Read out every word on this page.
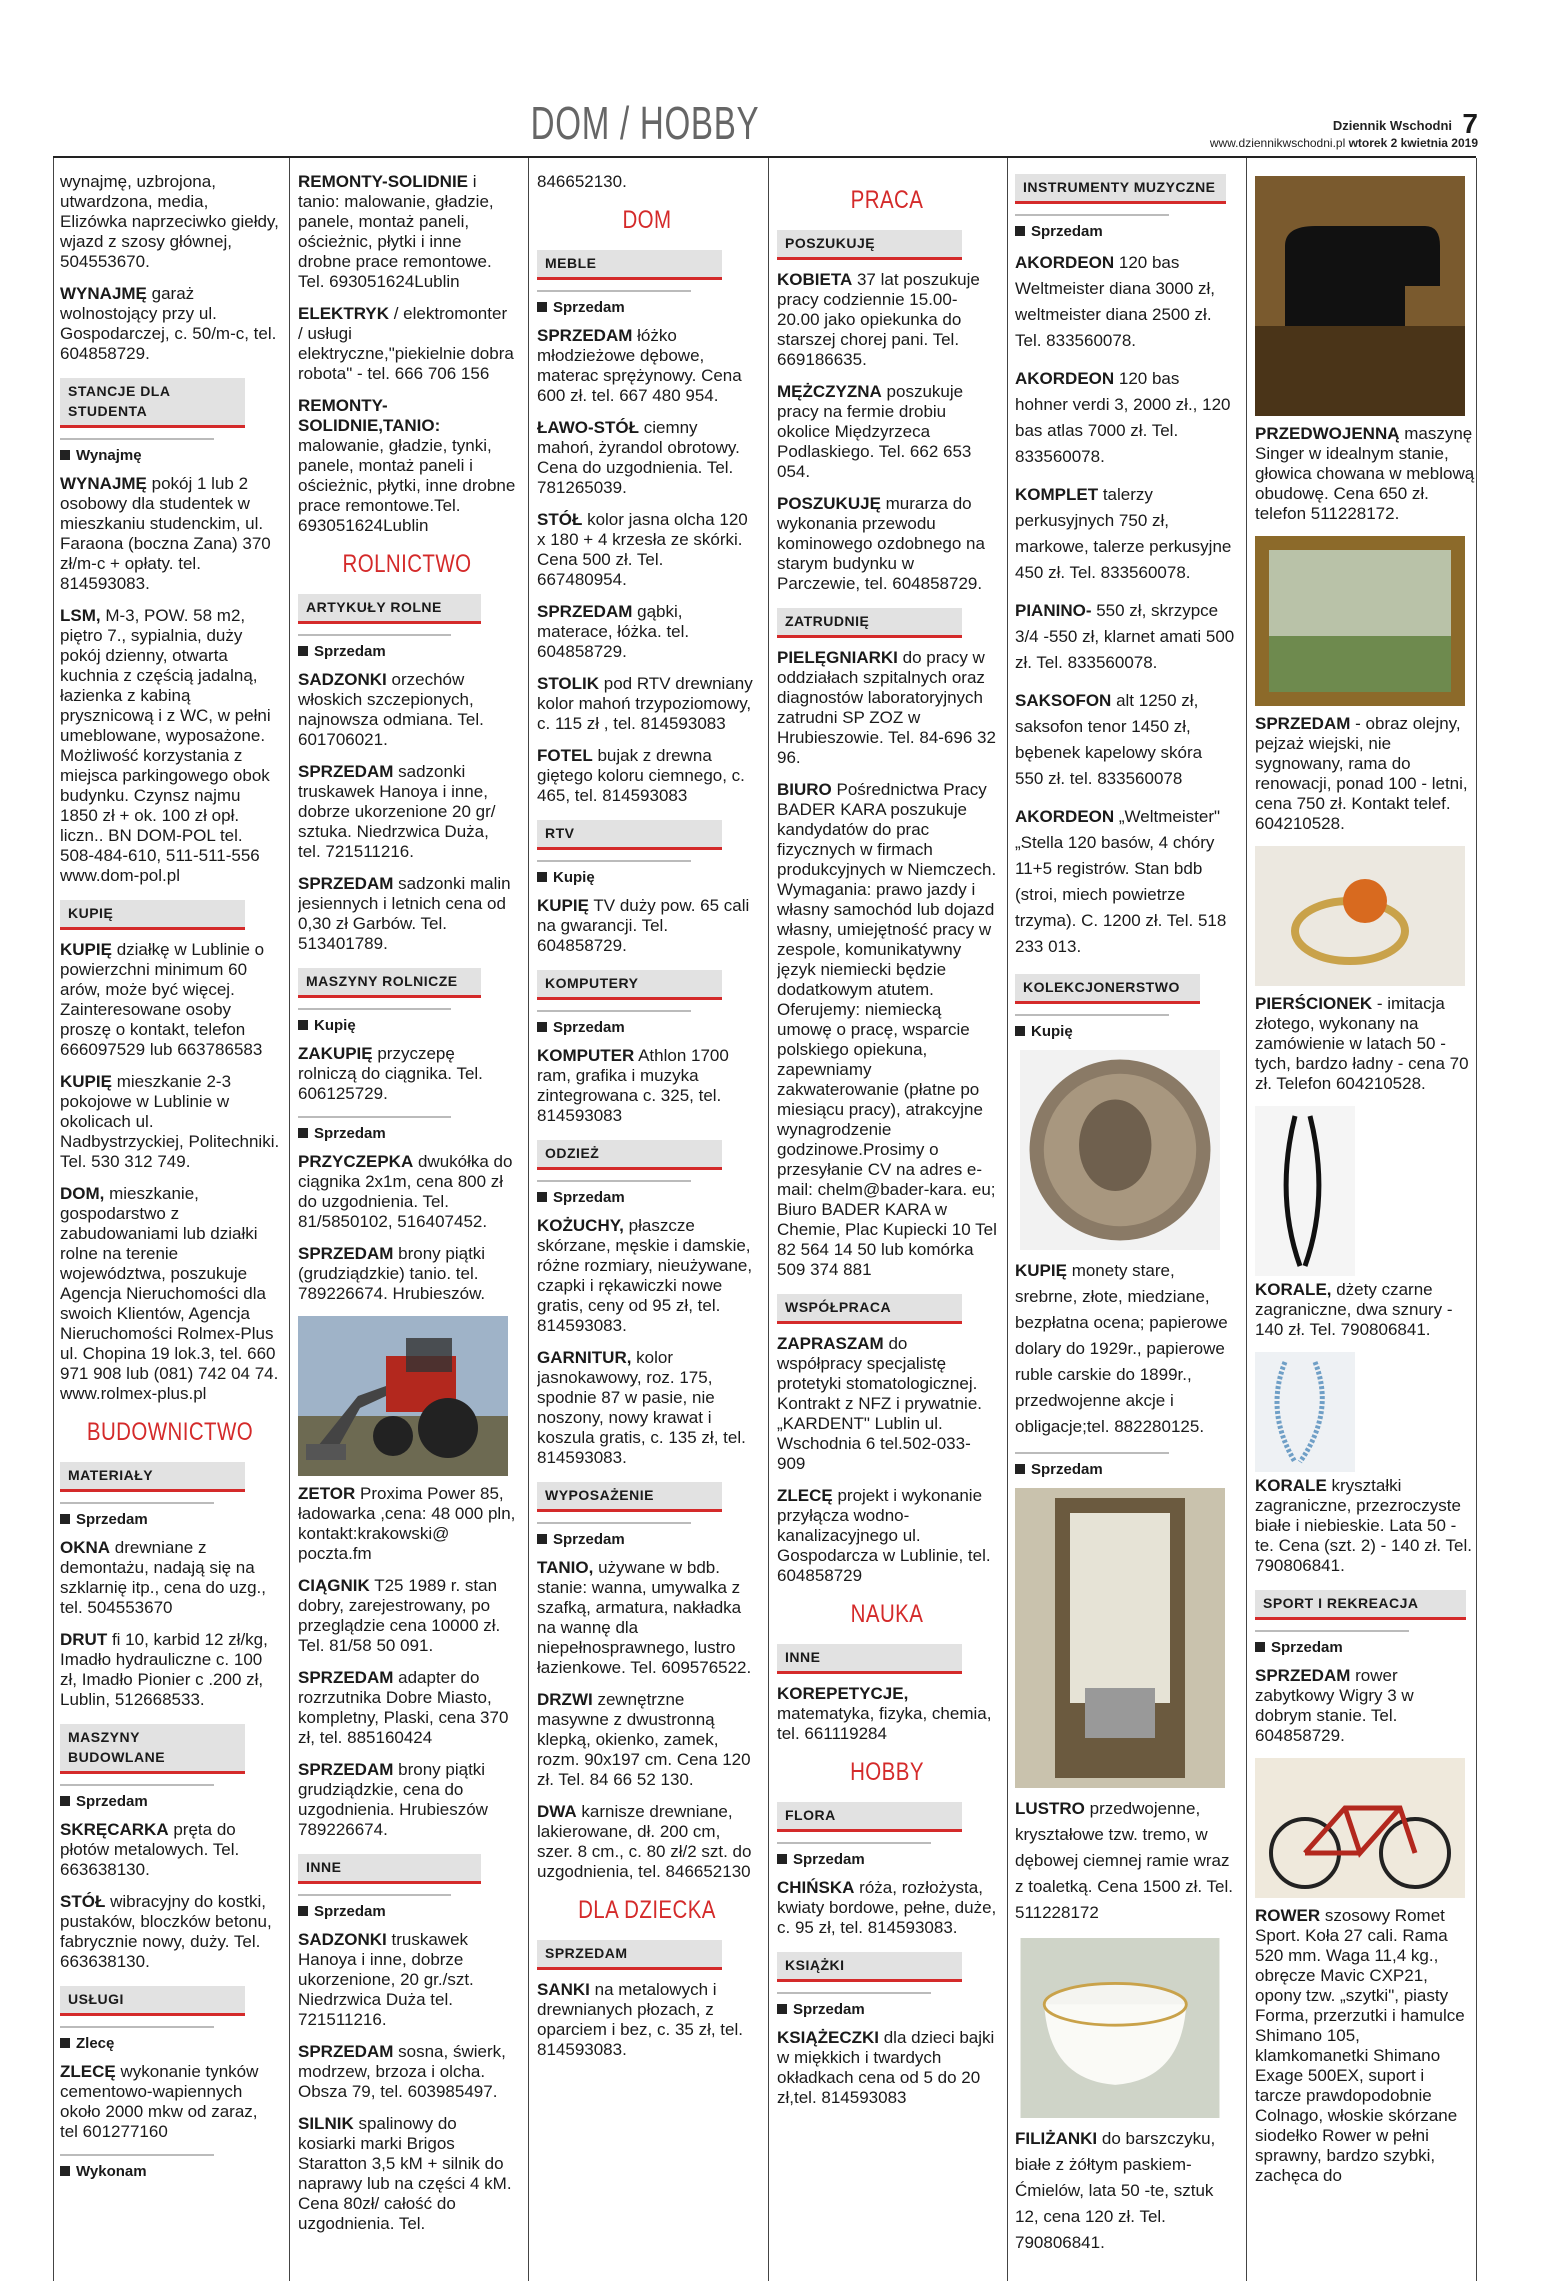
DOM / HOBBY	7
Dziennik Wschodni
www.dziennikwschodni.pl wtorek 2 kwietnia 2019

wynajmę, uzbrojona, utwardzona, media, Elizówka naprzeciwko giełdy, wjazd z szosy głównej, 504553670.

WYNAJMĘ garaż wolnostojący przy ul. Gospodarczej, c. 50/m-c, tel. 604858729.

STANCJE DLA STUDENTA
Wynajmę

WYNAJMĘ pokój 1 lub 2 osobowy dla studentek w mieszkaniu studenckim, ul. Faraona (boczna Zana) 370 zł/m-c + opłaty. tel. 814593083.

LSM, M-3, POW. 58 m2, piętro 7., sypialnia, duży pokój dzienny, otwarta kuchnia z częścią jadalną, łazienka z kabiną prysznicową i z WC, w pełni umeblowane, wyposażone. Możliwość korzystania z miejsca parkingowego obok budynku. Czynsz najmu 1850 zł + ok. 100 zł opł. liczn.. BN DOM-POL tel. 508-484-610, 511-511-556 www.dom-pol.pl

KUPIĘ

KUPIĘ działkę w Lublinie o powierzchni minimum 60 arów, może być więcej. Zainteresowane osoby proszę o kontakt, telefon 666097529 lub 663786583

KUPIĘ mieszkanie 2-3 pokojowe w Lublinie w okolicach ul. Nadbystrzyckiej, Politechniki. Tel. 530 312 749.

DOM, mieszkanie, gospodarstwo z zabudowaniami lub działki rolne na terenie województwa, poszukuje Agencja Nieruchomości dla swoich Klientów, Agencja Nieruchomości Rolmex-Plus ul. Chopina 19 lok.3, tel. 660 971 908 lub (081) 742 04 74. www.rolmex-plus.pl

BUDOWNICTWO
MATERIAŁY
Sprzedam

OKNA drewniane z demontażu, nadają się na szklarnię itp., cena do uzg., tel. 504553670

DRUT fi 10, karbid 12 zł/kg, Imadło hydrauliczne c. 100 zł, Imadło Pionier c .200 zł, Lublin, 512668533.

MASZYNY BUDOWLANE
Sprzedam

SKRĘCARKA pręta do płotów metalowych. Tel. 663638130.

STÓŁ wibracyjny do kostki, pustaków, bloczków betonu, fabrycznie nowy, duży. Tel. 663638130.

USŁUGI
Zlecę

ZLECĘ wykonanie tynków cementowo-wapiennych około 2000 mkw od zaraz, tel 601277160

Wykonam

REMONTY-SOLIDNIE i tanio: malowanie, gładzie, panele, montaż paneli, ościeżnic, płytki i inne drobne prace remontowe. Tel. 693051624Lublin

ELEKTRYK / elektromonter / usługi elektryczne,"piekielnie dobra robota" - tel. 666 706 156

REMONTY-SOLIDNIE,TANIO: malowanie, gładzie, tynki, panele, montaż paneli i ościeżnic, płytki, inne drobne prace remontowe.Tel. 693051624Lublin

ROLNICTWO
ARTYKUŁY ROLNE
Sprzedam

SADZONKI orzechów włoskich szczepionych, najnowsza odmiana. Tel. 601706021.

SPRZEDAM sadzonki truskawek Hanoya i inne, dobrze ukorzenione 20 gr/ sztuka. Niedrzwica Duża, tel. 721511216.

SPRZEDAM sadzonki malin jesiennych i letnich cena od 0,30 zł Garbów. Tel. 513401789.

MASZYNY ROLNICZE
Kupię

ZAKUPIĘ przyczepę rolniczą do ciągnika. Tel. 606125729.

Sprzedam

PRZYCZEPKA dwukółka do ciągnika 2x1m, cena 800 zł do uzgodnienia. Tel. 81/5850102, 516407452.

SPRZEDAM brony piątki (grudziądzkie) tanio. tel. 789226674. Hrubieszów.

ZETOR Proxima Power 85, ładowarka ,cena: 48 000 pln, kontakt:krakowski@ poczta.fm

CIĄGNIK T25 1989 r. stan dobry, zarejestrowany, po przeglądzie cena 10000 zł. Tel. 81/58 50 091.

SPRZEDAM adapter do rozrzutnika Dobre Miasto, kompletny, Plaski, cena 370 zł, tel. 885160424

SPRZEDAM brony piątki grudziądzkie, cena do uzgodnienia. Hrubieszów 789226674.

INNE
Sprzedam

SADZONKI truskawek Hanoya i inne, dobrze ukorzenione, 20 gr./szt. Niedrzwica Duża tel. 721511216.

SPRZEDAM sosna, świerk, modrzew, brzoza i olcha. Obsza 79, tel. 603985497.

SILNIK spalinowy do kosiarki marki Brigos Staratton 3,5 kM + silnik do naprawy lub na części 4 kM. Cena 80zł/ całość do uzgodnienia. Tel.

846652130.

DOM
MEBLE
Sprzedam

SPRZEDAM łóżko młodzieżowe dębowe, materac sprężynowy. Cena 600 zł. tel. 667 480 954.

ŁAWO-STÓŁ ciemny mahoń, żyrandol obrotowy. Cena do uzgodnienia. Tel. 781265039.

STÓŁ kolor jasna olcha 120 x 180 + 4 krzesła ze skórki. Cena 500 zł. Tel. 667480954.

SPRZEDAM gąbki, materace, łóżka. tel. 604858729.

STOLIK pod RTV drewniany kolor mahoń trzypoziomowy, c. 115 zł , tel. 814593083

FOTEL bujak z drewna giętego koloru ciemnego, c. 465, tel. 814593083

RTV
Kupię

KUPIĘ TV duży pow. 65 cali na gwarancji. Tel. 604858729.

KOMPUTERY
Sprzedam

KOMPUTER Athlon 1700 ram, grafika i muzyka zintegrowana c. 325, tel. 814593083

ODZIEŻ
Sprzedam

KOŻUCHY, płaszcze skórzane, męskie i damskie, różne rozmiary, nieużywane, czapki i rękawiczki nowe gratis, ceny od 95 zł, tel. 814593083.

GARNITUR, kolor jasnokawowy, roz. 175, spodnie 87 w pasie, nie noszony, nowy krawat i koszula gratis, c. 135 zł, tel. 814593083.

WYPOSAŻENIE
Sprzedam

TANIO, używane w bdb. stanie: wanna, umywalka z szafką, armatura, nakładka na wannę dla niepełnosprawnego, lustro łazienkowe. Tel. 609576522.

DRZWI zewnętrzne masywne z dwustronną klepką, okienko, zamek, rozm. 90x197 cm. Cena 120 zł. Tel. 84 66 52 130.

DWA karnisze drewniane, lakierowane, dł. 200 cm, szer. 8 cm., c. 80 zł/2 szt. do uzgodnienia, tel. 846652130

DLA DZIECKA
SPRZEDAM

SANKI na metalowych i drewnianych płozach, z oparciem i bez, c. 35 zł, tel. 814593083.

PRACA
POSZUKUJĘ

KOBIETA 37 lat poszukuje pracy codziennie 15.00-20.00 jako opiekunka do starszej chorej pani. Tel. 669186635.

MĘŻCZYZNA poszukuje pracy na fermie drobiu okolice Międzyrzeca Podlaskiego. Tel. 662 653 054.

POSZUKUJĘ murarza do wykonania przewodu kominowego ozdobnego na starym budynku w Parczewie, tel. 604858729.

ZATRUDNIĘ

PIELĘGNIARKI do pracy w oddziałach szpitalnych oraz diagnostów laboratoryjnych zatrudni SP ZOZ w Hrubieszowie. Tel. 84-696 32 96.

BIURO Pośrednictwa Pracy BADER KARA poszukuje kandydatów do prac fizycznych w firmach produkcyjnych w Niemczech. Wymagania: prawo jazdy i własny samochód lub dojazd własny, umiejętność pracy w zespole, komunikatywny język niemiecki będzie dodatkowym atutem. Oferujemy: niemiecką umowę o pracę, wsparcie polskiego opiekuna, zapewniamy zakwaterowanie (płatne po miesiącu pracy), atrakcyjne wynagrodzenie godzinowe.Prosimy o przesyłanie CV na adres e-mail: chelm@bader-kara. eu; Biuro BADER KARA w Chemie, Plac Kupiecki 10 Tel 82 564 14 50 lub komórka 509 374 881

WSPÓŁPRACA

ZAPRASZAM do współpracy specjalistę protetyki stomatologicznej. Kontrakt z NFZ i prywatnie. „KARDENT" Lublin ul. Wschodnia 6 tel.502-033-909

ZLECĘ projekt i wykonanie przyłącza wodno-kanalizacyjnego ul. Gospodarcza w Lublinie, tel. 604858729

NAUKA
INNE

KOREPETYCJE, matematyka, fizyka, chemia, tel. 661119284

HOBBY
FLORA
Sprzedam

CHIŃSKA róża, rozłożysta, kwiaty bordowe, pełne, duże, c. 95 zł, tel. 814593083.

KSIĄŻKI
Sprzedam

KSIĄŻECZKI dla dzieci bajki w miękkich i twardych okładkach cena od 5 do 20 zł,tel. 814593083

INSTRUMENTY MUZYCZNE
Sprzedam

AKORDEON 120 bas Weltmeister diana 3000 zł, weltmeister diana 2500 zł. Tel. 833560078.

AKORDEON 120 bas hohner verdi 3, 2000 zł., 120 bas atlas 7000 zł. Tel. 833560078.

KOMPLET talerzy perkusyjnych 750 zł, markowe, talerze perkusyjne 450 zł. Tel. 833560078.

PIANINO- 550 zł, skrzypce 3/4 -550 zł, klarnet amati 500 zł. Tel. 833560078.

SAKSOFON alt 1250 zł, saksofon tenor 1450 zł, bębenek kapelowy skóra 550 zł. tel. 833560078

AKORDEON „Weltmeister" „Stella 120 basów, 4 chóry 11+5 registrów. Stan bdb (stroi, miech powietrze trzyma). C. 1200 zł. Tel. 518 233 013.

KOLEKCJONERSTWO
Kupię

KUPIĘ monety stare, srebrne, złote, miedziane, bezpłatna ocena; papierowe dolary do 1929r., papierowe ruble carskie do 1899r., przedwojenne akcje i obligacje;tel. 882280125.

Sprzedam

LUSTRO przedwojenne, kryształowe tzw. tremo, w dębowej ciemnej ramie wraz z toaletką. Cena 1500 zł. Tel. 511228172

FILIŻANKI do barszczyku, białe z żółtym paskiem-Ćmielów, lata 50 -te, sztuk 12, cena 120 zł. Tel. 790806841.

PRZEDWOJENNĄ maszynę Singer w idealnym stanie, głowica chowana w meblową obudowę. Cena 650 zł. telefon 511228172.

SPRZEDAM - obraz olejny, pejzaż wiejski, nie sygnowany, rama do renowacji, ponad 100 - letni, cena 750 zł. Kontakt telef. 604210528.

PIERŚCIONEK - imitacja złotego, wykonany na zamówienie w latach 50 -tych, bardzo ładny - cena 70 zł. Telefon 604210528.

KORALE, dżety czarne zagraniczne, dwa sznury - 140 zł. Tel. 790806841.

KORALE kryształki zagraniczne, przezroczyste białe i niebieskie. Lata 50 -te. Cena (szt. 2) - 140 zł. Tel. 790806841.

SPORT I REKREACJA
Sprzedam

SPRZEDAM rower zabytkowy Wigry 3 w dobrym stanie. Tel. 604858729.

ROWER szosowy Romet Sport. Koła 27 cali. Rama 520 mm. Waga 11,4 kg., obręcze Mavic CXP21, opony tzw. „szytki", piasty Forma, przerzutki i hamulce Shimano 105, klamkomanetki Shimano Exage 500EX, suport i tarcze prawdopodobnie Colnago, włoskie skórzane siodełko Rower w pełni sprawny, bardzo szybki, zachęca do
